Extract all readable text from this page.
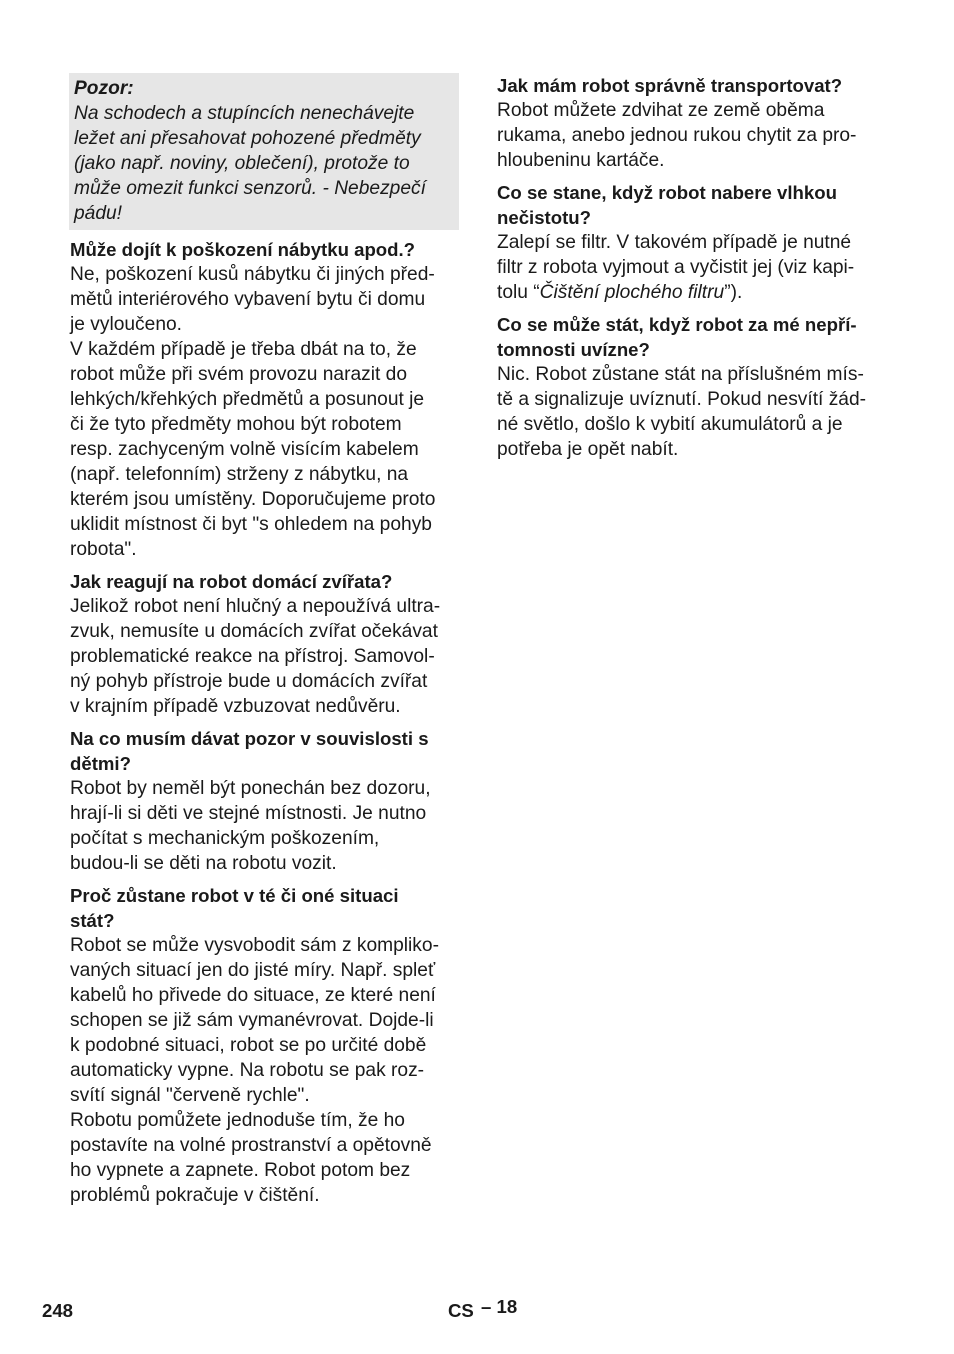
Pozor:
Na schodech a stupíncích nenechávejte
ležet ani přesahovat pohozené předměty
(jako např. noviny, oblečení), protože to
může omezit funkci senzorů. - Nebezpečí
pádu!
Může dojít k poškození nábytku apod.?
Ne, poškození kusů nábytku či jiných před-
mětů interiérového vybavení bytu či domu
je vyloučeno.
V každém případě je třeba dbát na to, že
robot může při svém provozu narazit do
lehkých/křehkých předmětů a posunout je
či že tyto předměty mohou být robotem
resp. zachyceným volně visícím kabelem
(např. telefonním) strženy z nábytku, na
kterém jsou umístěny. Doporučujeme proto
uklidit místnost či byt "s ohledem na pohyb
robota".
Jak reagují na robot domácí zvířata?
Jelikož robot není hlučný a nepoužívá ultra-
zvuk, nemusíte u domácích zvířat očekávat
problematické reakce na přístroj. Samovol-
ný pohyb přístroje bude u domácích zvířat
v krajním případě vzbuzovat nedůvěru.
Na co musím dávat pozor v souvislosti s
dětmi?
Robot by neměl být ponechán bez dozoru,
hrají-li si děti ve stejné místnosti. Je nutno
počítat s mechanickým poškozením,
budou-li se děti na robotu vozit.
Proč zůstane robot v té či oné situaci
stát?
Robot se může vysvobodit sám z kompliko-
vaných situací jen do jisté míry. Např. spleť
kabelů ho přivede do situace, ze které není
schopen se již sám vymanévrovat. Dojde-li
k podobné situaci, robot se po určité době
automaticky vypne. Na robotu se pak roz-
svítí signál "červeně rychle".
Robotu pomůžete jednoduše tím, že ho
postavíte na volné prostranství a opětovně
ho vypnete a zapnete. Robot potom bez
problémů pokračuje v čištění.
Jak mám robot správně transportovat?
Robot můžete zdvihat ze země oběma
rukama, anebo jednou rukou chytit za pro-
hloubeninu kartáče.
Co se stane, když robot nabere vlhkou
nečistotu?
Zalepí se filtr. V takovém případě je nutné
filtr z robota vyjmout a vyčistit jej (viz kapi-
tolu “Čištění plochého filtru”).
Co se může stát, když robot za mé nepří-
tomnosti uvízne?
Nic. Robot zůstane stát na příslušném mís-
tě a signalizuje uvíznutí. Pokud nesvítí žád-
né světlo, došlo k vybití akumulátorů a je
potřeba je opět nabít.
248	CS – 18
